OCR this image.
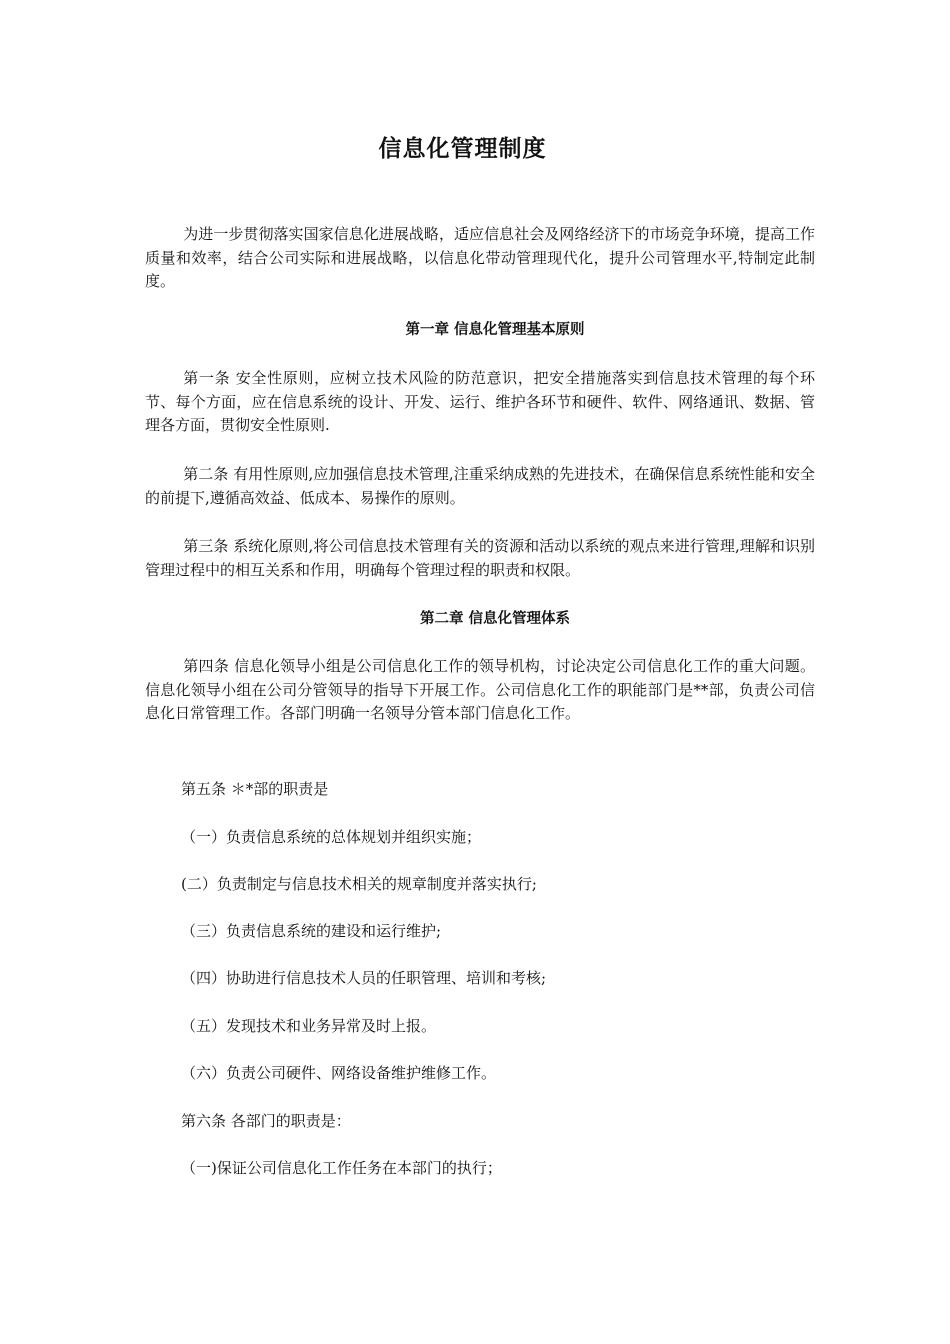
信息化管理制度

为进一步贯彻落实国家信息化进展战略，适应信息社会及网络经济下的市场竞争环境，提高工作质量和效率，结合公司实际和进展战略，以信息化带动管理现代化，提升公司管理水平,特制定此制度。

第一章 信息化管理基本原则

第一条 安全性原则，应树立技术风险的防范意识，把安全措施落实到信息技术管理的每个环节、每个方面，应在信息系统的设计、开发、运行、维护各环节和硬件、软件、网络通讯、数据、管理各方面，贯彻安全性原则.

第二条 有用性原则,应加强信息技术管理,注重采纳成熟的先进技术，在确保信息系统性能和安全的前提下,遵循高效益、低成本、易操作的原则。

第三条 系统化原则,将公司信息技术管理有关的资源和活动以系统的观点来进行管理,理解和识别管理过程中的相互关系和作用，明确每个管理过程的职责和权限。

第二章 信息化管理体系

第四条 信息化领导小组是公司信息化工作的领导机构，讨论决定公司信息化工作的重大问题。信息化领导小组在公司分管领导的指导下开展工作。公司信息化工作的职能部门是**部，负责公司信息化日常管理工作。各部门明确一名领导分管本部门信息化工作。

第五条 ＊*部的职责是
（一）负责信息系统的总体规划并组织实施；
(二）负责制定与信息技术相关的规章制度并落实执行;
（三）负责信息系统的建设和运行维护;
（四）协助进行信息技术人员的任职管理、培训和考核;
（五）发现技术和业务异常及时上报。
（六）负责公司硬件、网络设备维护维修工作。
第六条 各部门的职责是：
（一)保证公司信息化工作任务在本部门的执行；
